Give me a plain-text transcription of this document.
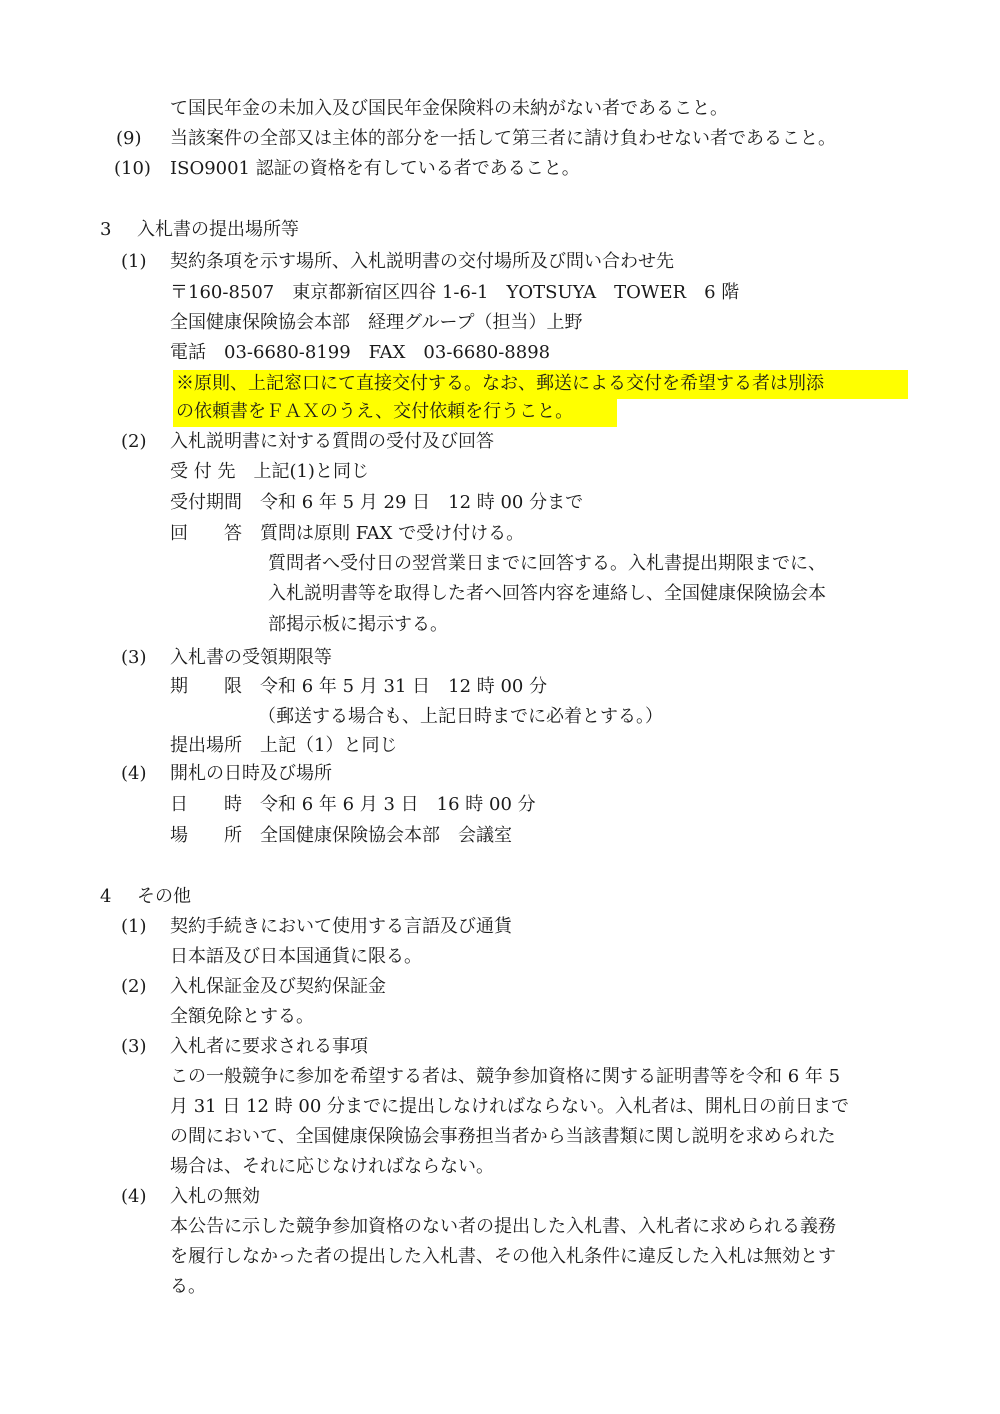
(9)
(10)
3
(1)
(2)
(3)
(4)
4
(1)
(2)
(3)
(4)
て国民年金の未加入及び国民年金保険料の未納がない者であること。
当該案件の全部又は主体的部分を一括して第三者に請け負わせない者であること。
ISO9001 認証の資格を有している者であること。
入札書の提出場所等
契約条項を示す場所、入札説明書の交付場所及び問い合わせ先
〒160-8507　東京都新宿区四谷 1-6-1　YOTSUYA　TOWER　6 階
全国健康保険協会本部　経理グループ（担当）上野
電話　03-6680-8199　FAX　03-6680-8898
※原則、上記窓口にて直接交付する。なお、郵送による交付を希望する者は別添
の依頼書をＦＡＸのうえ、交付依頼を行うこと。
入札説明書に対する質問の受付及び回答
受 付 先　上記(1)と同じ
受付期間　令和 6 年 5 月 29 日　12 時 00 分まで
回　　答　質問は原則 FAX で受け付ける。
質問者へ受付日の翌営業日までに回答する。入札書提出期限までに、
入札説明書等を取得した者へ回答内容を連絡し、全国健康保険協会本
部掲示板に掲示する。
入札書の受領期限等
期　　限　令和 6 年 5 月 31 日　12 時 00 分
（郵送する場合も、上記日時までに必着とする。）
提出場所　上記（1）と同じ
開札の日時及び場所
日　　時　令和 6 年 6 月 3 日　16 時 00 分
場　　所　全国健康保険協会本部　会議室
その他
契約手続きにおいて使用する言語及び通貨
日本語及び日本国通貨に限る。
入札保証金及び契約保証金
全額免除とする。
入札者に要求される事項
この一般競争に参加を希望する者は、競争参加資格に関する証明書等を令和 6 年 5
月 31 日 12 時 00 分までに提出しなければならない。入札者は、開札日の前日まで
の間において、全国健康保険協会事務担当者から当該書類に関し説明を求められた
場合は、それに応じなければならない。
入札の無効
本公告に示した競争参加資格のない者の提出した入札書、入札者に求められる義務
を履行しなかった者の提出した入札書、その他入札条件に違反した入札は無効とす
る。
